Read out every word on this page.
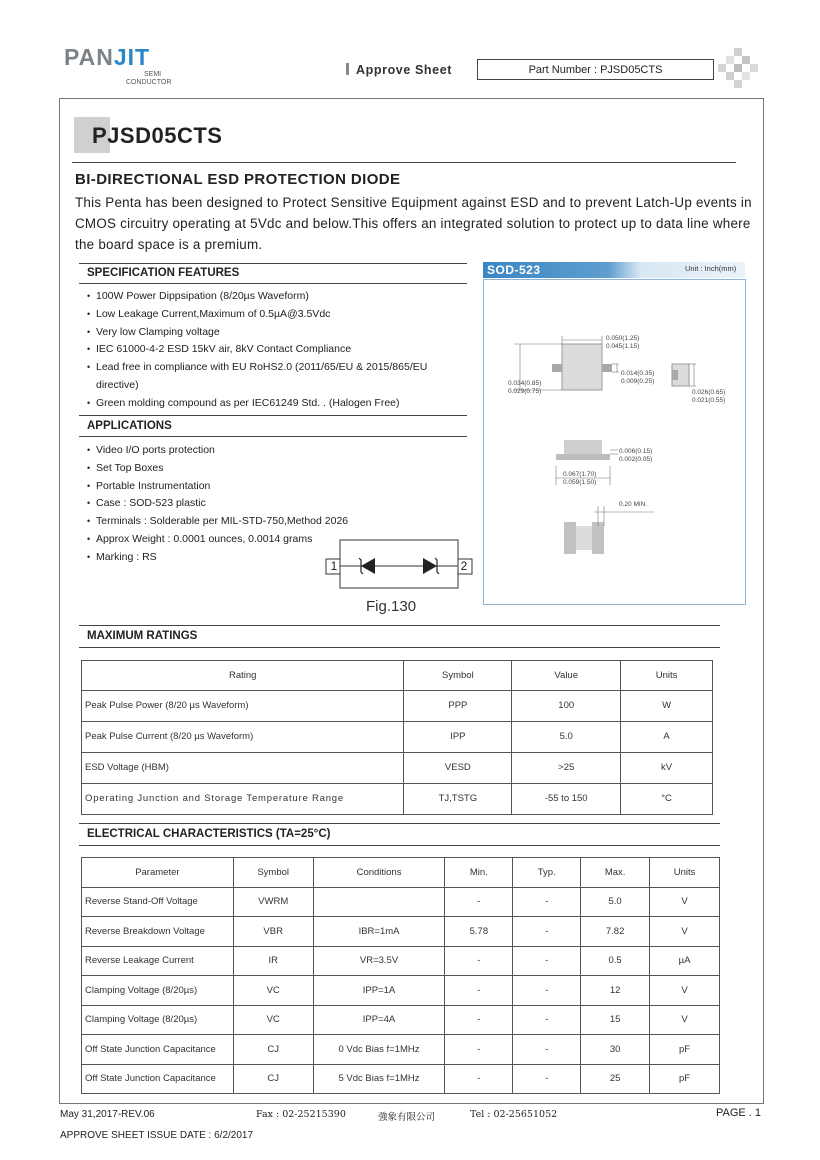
PANJIT
SEMI
CONDUCTOR
Approve Sheet	Part Number : PJSD05CTS
PJSD05CTS
BI-DIRECTIONAL ESD PROTECTION DIODE
This Penta has been designed to Protect Sensitive Equipment against ESD and to prevent Latch-Up events in CMOS circuitry operating at 5Vdc and below.This offers an integrated solution to protect up to data line where the board space is a premium.
SPECIFICATION FEATURES
• 100W Power Dippsipation (8/20µs Waveform)
• Low Leakage Current,Maximum of 0.5µA@3.5Vdc
• Very low Clamping voltage
• IEC 61000-4-2 ESD 15kV air, 8kV Contact Compliance
• Lead free in compliance with EU RoHS2.0 (2011/65/EU & 2015/865/EU directive)
• Green molding compound as per IEC61249 Std. . (Halogen Free)
APPLICATIONS
• Video I/O ports protection
• Set Top Boxes
• Portable Instrumentation
• Case : SOD-523 plastic
• Terminals : Solderable per MIL-STD-750,Method 2026
• Approx Weight : 0.0001 ounces, 0.0014 grams
• Marking : RS
1	2
Fig.130
SOD-523	Unit : Inch(mm)
0.050(1.25)
0.045(1.15)
0.014(0.35)
0.009(0.25)
0.034(0.85)
0.029(0.75)	0.026(0.65)
0.021(0.55)
0.006(0.15)
0.002(0.05)
0.067(1.70)
0.059(1.50)
0.20 MIN.
MAXIMUM RATINGS
Rating	Symbol	Value	Units
Peak Pulse Power (8/20 µs Waveform)	PPP	100	W
Peak Pulse Current (8/20 µs Waveform)	IPP	5.0	A
ESD Voltage (HBM)	VESD	>25	kV
Operating Junction and Storage Temperature Range	TJ,TSTG	-55 to 150	°C
ELECTRICAL CHARACTERISTICS (TA=25°C)
Parameter	Symbol	Conditions	Min.	Typ.	Max.	Units
Reverse Stand-Off Voltage	VWRM		-	-	5.0	V
Reverse Breakdown Voltage	VBR	IBR=1mA	5.78	-	7.82	V
Reverse Leakage Current	IR	VR=3.5V	-	-	0.5	µA
Clamping Voltage (8/20µs)	VC	IPP=1A	-	-	12	V
Clamping Voltage (8/20µs)	VC	IPP=4A	-	-	15	V
Off State Junction Capacitance	CJ	0 Vdc Bias f=1MHz	-	-	30	pF
Off State Junction Capacitance	CJ	5 Vdc Bias f=1MHz	-	-	25	pF
May 31,2017-REV.06	Fax : 02-25215390	強象有限公司	Tel : 02-25651052	PAGE . 1
APPROVE SHEET ISSUE DATE : 6/2/2017
